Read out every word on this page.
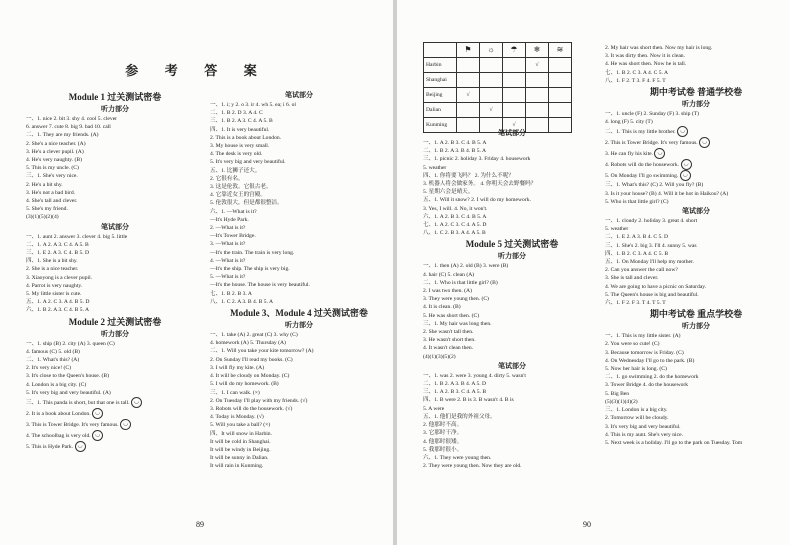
参 考 答 案
Module 1 过关测试密卷
听力部分
一、1. nice 2. bit 3. shy 4. cool 5. clever
6. answer 7. cute 8. big 9. bad 10. call
二、1. They are my friends. (A)
2. She's a nice teacher. (A)
3. He's a clever pupil. (A)
4. He's very naughty. (B)
5. This is my uncle. (C)
三、1. She's very nice.
2. He's a bit shy.
3. He's not a bad bird.
4. She's tall and clever.
5. She's my friend.
(3)(1)(5)(2)(4)
笔试部分
一、1. aunt 2. answer 3. clever 4. big 5. little
二、1. A 2. A 3. C 4. A 5. B
三、1. E 2. A 3. C 4. B 5. D
四、1. She is a bit shy.
2. She is a nice teacher.
3. Xiaoyong is a clever pupil.
4. Parrot is very naughty.
5. My little sister is cute.
五、1. A 2. C 3. A 4. B 5. D
六、1. B 2. A 3. C 4. B 5. A
Module 2 过关测试密卷
听力部分
一、1. ship (B) 2. city (A) 3. queen (C)
4. famous (C) 5. old (B)
二、1. What's this? (A)
2. It's very nice! (C)
3. It's close to the Queen's house. (B)
4. London is a big city. (C)
5. It's very big and very beautiful. (A)
三、1. This panda is short, but that one is tall. ◡
2. It is a book about London. ◡
3. This is Tower Bridge. It's very famous. ◡
4. The schoolbag is very old. ◡
5. This is Hyde Park. ◡
笔试部分
一、1. i; y 2. o 3. ir 4. wh 5. ea; i 6. ol
二、1. B 2. D 3. A 4. C
三、1. B 2. A 3. C 4. A 5. B
四、1. It is very beautiful.
2. This is a book about London.
3. My house is very small.
4. The desk is very old.
5. It's very big and very beautiful.
五、1. 比狮子还大。
2. 它很有名。
3. 这是伦敦。它很古老。
4. 它靠近女王的宫殿。
5. 伦敦很大，但是都很整洁。
六、1. —What is it?
—It's Hyde Park.
2. —What is it?
—It's Tower Bridge.
3. —What is it?
—It's the train. The train is very long.
4. —What is it?
—It's the ship. The ship is very big.
5. —What is it?
—It's the house. The house is very beautiful.
七、1. B 2. B 3. A
八、1. C 2. A 3. B 4. B 5. A
Module 3、Module 4 过关测试密卷
听力部分
一、1. take (A) 2. great (C) 3. why (C)
4. homework (A) 5. Thursday (A)
二、1. Will you take your kite tomorrow? (A)
2. On Sunday I'll read my books. (C)
3. I will fly my kite. (A)
4. It will be cloudy on Monday. (C)
5. I will do my homework. (B)
三、1. I can walk. (×)
2. On Tuesday I'll play with my friends. (√)
3. Robots will do the housework. (√)
4. Today is Monday. (√)
5. Will you take a ball? (×)
四、It will snow in Harbin.
It will be cold in Shanghai.
It will be windy in Beijing.
It will be sunny in Dalian.
It will rain in Kunming.
89
	⚑	☼	☂	❄	≋
Harbin				√	
Shanghai					
Beijing	√				
Dalian		√			
Kunming			√		
笔试部分
一、1. A 2. B 3. C 4. B 5. A
二、1. B 2. A 3. B 4. B 5. A
三、1. picnic 2. holiday 3. Friday 4. housework
5. weather
四、1. 你将要飞吗？ 2. 为什么不呢？
3. 机器人将会做家务。 4. 你明天会去野餐吗？
5. 星期六会是晴天。
五、1. Will it snow? 2. I will do my homework.
3. Yes, I will. 4. No, it won't.
六、1. A 2. B 3. C 4. B 5. A
七、1. A 2. C 3. C 4. A 5. D
八、1. C 2. B 3. A 4. A 5. B
Module 5 过关测试密卷
听力部分
一、1. then (A) 2. old (B) 3. were (B)
4. hair (C) 5. clean (A)
二、1. Who is that little girl? (B)
2. I was two then. (A)
3. They were young then. (C)
4. It is clean. (B)
5. He was short then. (C)
三、1. My hair was long then.
2. She wasn't tall then.
3. He wasn't short then.
4. It wasn't clean then.
(4)(1)(3)(5)(2)
笔试部分
一、1. was 2. were 3. young 4. dirty 5. wasn't
二、1. B 2. A 3. B 4. A 5. D
三、1. A 2. B 3. C 4. A 5. B
四、1. B were 2. B is 3. B wasn't 4. B is
5. A were
五、1. 他们是我的外祖父母。
2. 他那时不高。
3. 它那时干净。
4. 他那时很矮。
5. 我那时很小。
六、1. They were young then.
2. They were young then. Now they are old.
2. My hair was short then. Now my hair is long.
3. It was dirty then. Now it is clean.
4. He was short then. Now he is tall.
七、1. B 2. C 3. A 4. C 5. A
八、1. F 2. T 3. F 4. F 5. T
期中考试卷 普通学校卷
听力部分
一、1. uncle (F) 2. Sunday (F) 3. ship (T)
4. long (F) 5. city (T)
二、1. This is my little brother. ◡
2. This is Tower Bridge. It's very famous. ◡
3. He can fly his kite. ◡
4. Robots will do the housework. ◡
5. On Monday I'll go swimming. ◡
三、1. What's this? (C) 2. Will you fly? (B)
3. Is it your house? (B) 4. Will it be hot in Haikou? (A)
5. Who is that little girl? (C)
笔试部分
一、1. cloudy 2. holiday 3. great 4. short
5. weather
二、1. E 2. A 3. B 4. C 5. D
三、1. She's 2. big 3. I'll 4. sunny 5. was
四、1. B 2. C 3. A 4. C 5. B
五、1. On Monday I'll help my mother.
2. Can you answer the call now?
3. She is tall and clever.
4. We are going to have a picnic on Saturday.
5. The Queen's house is big and beautiful.
六、1. F 2. F 3. T 4. T 5. T
期中考试卷 重点学校卷
听力部分
一、1. This is my little sister. (A)
2. You were so cute! (C)
3. Because tomorrow is Friday. (C)
4. On Wednesday I'll go to the park. (B)
5. Now her hair is long. (C)
二、1. go swimming 2. do the homework
3. Tower Bridge 4. do the housework
5. Big Ben
(5)(3)(1)(4)(2)
三、1. London is a big city.
2. Tomorrow will be cloudy.
3. It's very big and very beautiful.
4. This is my aunt. She's very nice.
5. Next week is a holiday. I'll go to the park on Tuesday. Tom
90
